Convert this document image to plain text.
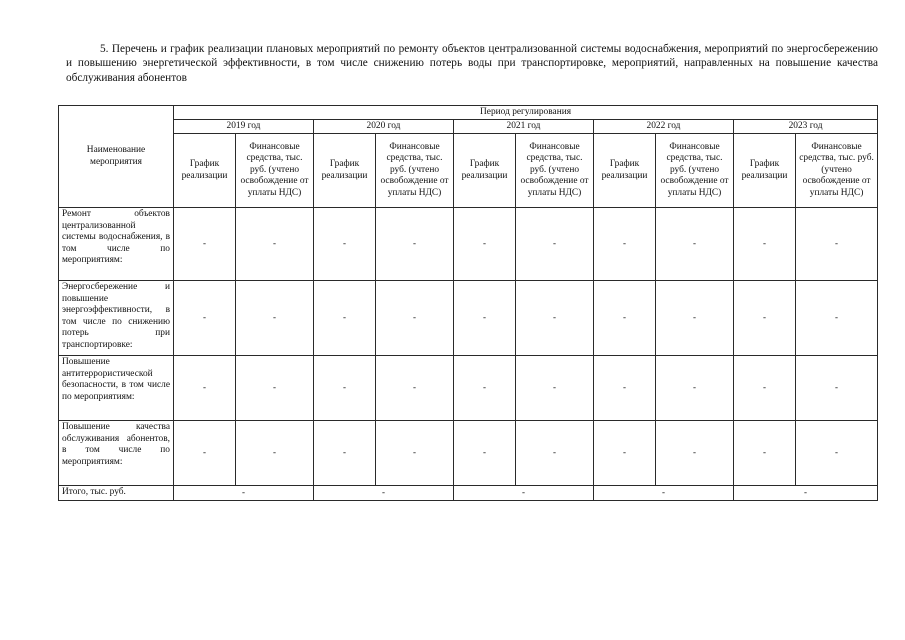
5. Перечень и график реализации плановых мероприятий по ремонту объектов централизованной системы водоснабжения, мероприятий по энергосбережению и повышению энергетической эффективности, в том числе снижению потерь воды при транспортировке, мероприятий, направленных на повышение качества обслуживания абонентов

Наименование мероприятия	Период регулирования									
	2019 год		2020 год		2021 год		2022 год		2023 год	
	График реализации	Финансовые средства, тыс. руб. (учтено освобождение от уплаты НДС)	График реализации	Финансовые средства, тыс. руб. (учтено освобождение от уплаты НДС)	График реализации	Финансовые средства, тыс. руб. (учтено освобождение от уплаты НДС)	График реализации	Финансовые средства, тыс. руб. (учтено освобождение от уплаты НДС)	График реализации	Финансовые средства, тыс. руб. (учтено освобождение от уплаты НДС)
Ремонт объектов централизованной системы водоснабжения, в том числе по мероприятиям:	-	-	-	-	-	-	-	-	-	-
Энергосбережение и повышение энергоэффективности, в том числе по снижению потерь при транспортировке:	-	-	-	-	-	-	-	-	-	-
Повышение антитеррористической безопасности, в том числе по мероприятиям:	-	-	-	-	-	-	-	-	-	-
Повышение качества обслуживания абонентов, в том числе по мероприятиям:	-	-	-	-	-	-	-	-	-	-
Итого, тыс. руб.	-		-		-		-		-	
